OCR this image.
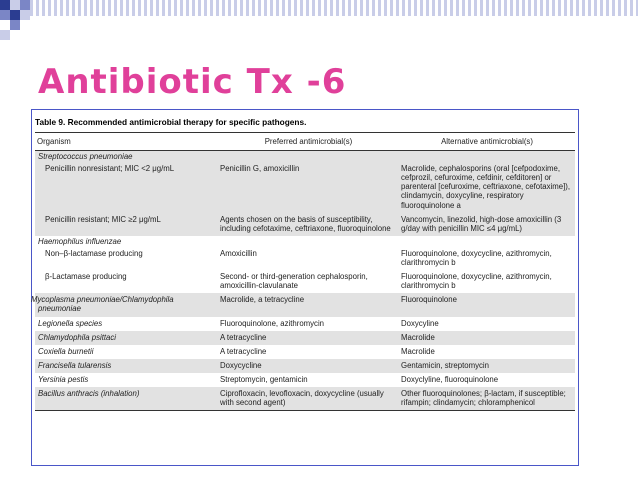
Antibiotic Tx -6
Table 9. Recommended antimicrobial therapy for specific pathogens.
Organism	Preferred antimicrobial(s)	Alternative antimicrobial(s)
Streptococcus pneumoniae		
Penicillin nonresistant; MIC <2 μg/mL	Penicillin G, amoxicillin	Macrolide, cephalosporins (oral [cefpodoxime, cefprozil, cefuroxime, cefdinir, cefditoren] or parenteral [cefuroxime, ceftriaxone, cefotaxime]), clindamycin, doxycyline, respiratory fluoroquinolone a
Penicillin resistant; MIC ≥2 μg/mL	Agents chosen on the basis of susceptibility, including cefotaxime, ceftriaxone, fluoroquinolone	Vancomycin, linezolid, high-dose amoxicillin (3 g/day with penicillin MIC ≤4 μg/mL)
Haemophilus influenzae		
Non–β-lactamase producing	Amoxicillin	Fluoroquinolone, doxycycline, azithromycin, clarithromycin b
β-Lactamase producing	Second- or third-generation cephalosporin, amoxicillin-clavulanate	Fluoroquinolone, doxycycline, azithromycin, clarithromycin b
Mycoplasma pneumoniae/Chlamydophila pneumoniae	Macrolide, a tetracycline	Fluoroquinolone
Legionella species	Fluoroquinolone, azithromycin	Doxycyline
Chlamydophila psittaci	A tetracycline	Macrolide
Coxiella burnetii	A tetracycline	Macrolide
Francisella tularensis	Doxycycline	Gentamicin, streptomycin
Yersinia pestis	Streptomycin, gentamicin	Doxyclyline, fluoroquinolone
Bacillus anthracis (inhalation)	Ciprofloxacin, levofloxacin, doxycycline (usually with second agent)	Other fluoroquinolones; β-lactam, if susceptible; rifampin; clindamycin; chloramphenicol
